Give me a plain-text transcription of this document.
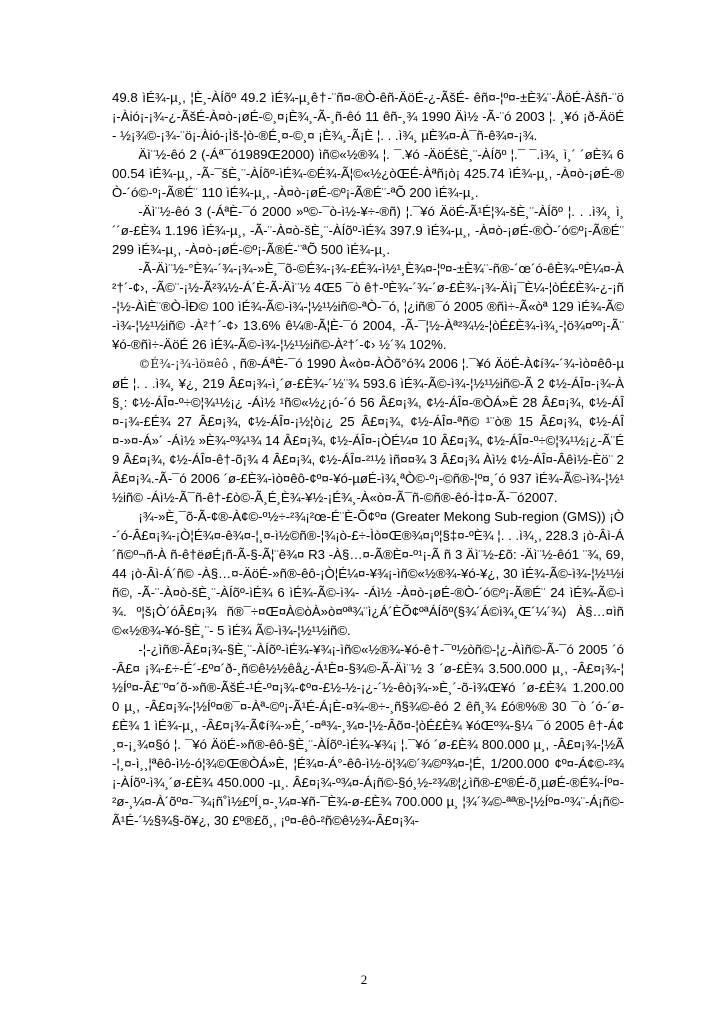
49.8 ìÉ¾-µ¸, ¦È¸-ÀÍõº 49.2 ìÉ¾-µ¸ê†-¨ñ¤-®Ò-êñ-ÄöÉ-¿-ÃšÉ- êñ¤-¦º¤-±È¾¨-ÅöÉ-Àšñ-¨ö¡-Àió¡-¡¾-¿-ÃšÉ-À¤ò-¡øÉ-©¸¤¡È¾¸-Ã-¸ñ-êó 11 êñ-¸¾ 1990 Äì½ -Ã-¨ó 2003 ¦. ¸¥ó ¡ð-ÄöÉ- ½¡¾©-¡¾-¨ö¡-Àió-¡Ìš-¦ò-®É¸¤-©¸¤ ¡È¾¸-Ã¡È ¦. . .ì¾¸ µÈ¾¤-À¯ñ-ê¾¤-¡¾.

Äì¨½-êó 2 (-Áª¯ó1989Œ2000) ìñ©«½®¾ ¦. ¯.¥ó -ÄöÉšÈ¸¨-ÀÍõº ¦.¯ ¯.ì¾¸ ì¸´ ´øÈ¾ 600.54 ìÉ¾-µ¸, -Ã-¯šÈ¸¨-ÀÍõº-ìÉ¾-©É¾-Ã¦©«½¿òŒÉ-Àªñ¡ò¡ 425.74 ìÉ¾-µ¸, -À¤ò-¡øÉ-®Ò-´ó©-º¡-Ã®É¨ 110 ìÉ¾-µ¸, -À¤ò-¡øÉ-©º¡-Ã®É¨-ªÕ 200 ìÉ¾-µ¸.

-Äì¨½-êó 3 (-ÁªÈ-¯ó 2000 »º©-¯ò-ì½-¥÷-®ñ) ¦.¯¥ó ÄöÉ-Ã¹É¦¾-šÈ¸¨-ÀÍõº ¦. . .ì¾¸ ì¸´´ø-£È¾ 1.196 ìÉ¾-µ¸, -Ã-¨-À¤ò-šÈ¸¨-ÀÍõº-ìÉ¾ 397.9 ìÉ¾-µ¸, -À¤ò-¡øÉ-®Ò-´ó©º¡-Ã®É¨ 299 ìÉ¾-µ¸, -À¤ò-¡øÉ-©º¡-Ã®É-¨ªÕ 500 ìÉ¾-µ¸.

-Ã-Äì¨½-°È¾-´¾-¡¾-»È¸¯õ-©É¾-¡¾-£É¾-ì½¹¸È¾¤-¦º¤-±È¾¨-ñ®-´œ´ó-êÈ¾-ºÈ¼¤-À²†´-¢›, -Ã©¨-¡½-Ã²¾½-Á´È-Ã-Äì¨½ 4Œ5 ¯ò ê†-ºÈ¾-´¾-´ø-£È¾-¡¾-Äì¡¯È¼-¦òÉ£È¾-¿-¡ñ-¦½-ÀìÈ¨®Ò-ÌÐ© 100 ìÉ¾-Ã©-ì¾-¦½¹½iñ©-ªÒ-¯ó, ¦¿iñ®¯ó 2005 ®ñì÷-Ã«òª 129 ìÉ¾-Ã©-ì¾-¦½¹½iñ© -À²†´-¢› 13.6% ê¼®-Ã¦È-¯ó 2004, -Ã-¯¦½-Àª²¾½-¦òÉ£È¾-ì¾¸-¦ö¾¤ºº¡-Ã¨¥ó-®ñì÷-ÄöÉ 26 ìÉ¾-Ã©-ì¾-¦½¹½iñ©-À²†´-¢› ½´¾ 102%.

©É¾-¡¾-ìö¤êô , ñ®-ÁªÈ-¯ó 1990 À«ò¤-ÀÒõ°ó¾ 2006 ¦.¯¥ó ÄöÉ-À¢í¾-´¾-ìò¤êô-µøÉ ¦. . .ì¾¸ ¥¿¸ 219 Â£¤¡¾-ì¸´ø-£È¾-´½¨¾ 593.6 ìÉ¾-Ã©-ì¾-¦½¹½iñ©-Ã 2 ¢½-ÁÎ¤-¡¾-À§¸: ¢½-ÁÎ¤-º÷©¦¾¹½¡¿ -Áì½ ¹ñ©«½¿¡ó-´ó 56 Â£¤¡¾, ¢½-ÁÎ¤-®ÒÁ»È 28 Â£¤¡¾, ¢½-ÁÎ¤-¡¾-£É¾ 27 Â£¤¡¾, ¢½-ÁÎ¤-¡½¦ò¡¿ 25 Â£¤¡¾, ¢½-ÁÎ¤-ªñ© ¹¨ò® 15 Â£¤¡¾, ¢½-ÁÎ¤-»¤-Á»´ -Áì½ »È¾-º¾¹¾ 14 Â£¤¡¾, ¢½-ÁÎ¤-¡ÒÉ¼¤ 10 Â£¤¡¾, ¢½-ÁÎ¤-º÷©¦¾¹½¡¿-Ã¨É 9 Â£¤¡¾, ¢½-ÁÎ¤-ê†-õ¡¾ 4 Â£¤¡¾, ¢½-ÁÎ¤-²¹½ ìñ¤¤¾ 3 Â£¤¡¾ Àì½ ¢½-ÁÎ¤-Âêì½-Èö¨ 2 Â£¤¡¾.-Ã-¯ó 2006 ´ø-£È¾-ìò¤êô-¢º¤-¥ó-µøÉ-ì¾¸ªÒ©-º¡-©ñ®-¦º¤¸´ó 937 ìÉ¾-Ã©-ì¾-¦½¹½iñ© -Áì½-Ã¯ñ-ê†-£ò©-Ã¸É¸È¾-¥½-¡É¾¸-À«ò¤-Ã¯ñ-©ñ®-êó-Ì‡¤-Ã-¯ó2007.

¡¾-»È¸¯õ-Ã-¢®-À¢©-º½÷-²¾¡²œ-É¨È-Õ¢º¤ (Greater Mekong Sub-region (GMS)) ¡Ò-´ó-Â£¤¡¾-¡Ò¦É¾¤-ê¾¤-¦¸¤-ì½©ñ®-¦¾¡ò-£÷-Ìò¤Œ®¾¤¡º¦§‡¤-ºÈ¾ ¦. . .ì¾¸, 228.3 ¡ò-Âì-Á´ñ©º¬ñ-À ñ-ê†ëøÉ¡ñ-Ã-§-Ã¦¨ê¾¤ R3 -À§…¤-Ã®È¤-º¹¡-Ã ñ 3 Äì¨½-£õ: -Äì¨½-êó1 ¨¾, 69,44 ¡ò-Âì-Á´ñ© -À§…¤-ÄöÉ-»ñ®-êô-¡Ò¦É¼¤-¥¾¡-ìñ©«½®¾-¥ó-¥¿, 30 ìÉ¾-Ã©-ì¾-¦½¹½iñ©, -Ã-¨-À¤ò-šÈ¸¨-ÀÍõº-ìÉ¾ 6 ìÉ¾-Ã©-ì¾- -Áì½ -À¤ò-¡øÉ-®Ò-´ó©º¡-Ã®É¨ 24 ìÉ¾-Ã©-ì¾. º¦š¡Ò´óÂ£¤¡¾ ñ®¯÷¤Œ¤À©òÀ»ò¤ºª¾¨ì¿Á´ÈÕ¢ºªÁÍõº(§¾´Á©ì¾¸Œ´¼´¾) À§…¤ìñ©«½®¾-¥ó-§È¸¨- 5 ìÉ¾ Ã©-ì¾-¦½¹½iñ©.

-¦-¿ìñ®-Â£¤¡¾-§È¸¨-ÀÍõº-ìÉ¾-¥¾¡-ìñ©«½®¾-¥ó-ê†-¯º½òñ©-¦¿-Àìñ©-Ã-¯ó 2005 ´ó-Â£¤ ¡¾-£÷-É´-£º¤´ð-¸ñ©ê½½êå¿-Á¹È¤-§¾©-Ã-Äì¨½ 3 ´ø-£È¾ 3.500.000 µ¸, -Â£¤¡¾-¦½Íº¤-Â£¨º¤´õ-»ñ®-ÃšÉ-¹É-º¤¡¾-¢º¤-£½-½-¡¿-´½-êò¡¾-»È¸´-õ-ì¾Œ¥ó ´ø-£È¾ 1.200.000 µ¸, -Â£¤¡¾-¦½Íº¤®¯¤-Àª-©º¡-Ã¹É-Á¡È-¤¾-®÷-¸ñ§¾©-êó 2 êñ¸¾ £ó®%® 30 ¯ò ´ó-´ø-£È¾ 1 ìÉ¾-µ¸, -Â£¤¡¾-Ã¢í¾-»È¸´-¤ª¾-¸¾¤-¦½-Âõ¤-¦òÉ£È¾ ¥óŒº¾-§¼ ¯ó 2005 ê†-Á¢¸¤-¡¸¾¤§ó ¦. ¯¥ó ÄöÉ-»ñ®-êô-§È¸¨-ÀÍõº-ìÉ¾-¥¾¡ ¦.¯¥ó ´ø-£È¾ 800.000 µ¸, -Â£¤¡¾-¦½Ã-¦¸¤-ì¸¸¦ªêô-ì½-ó¦¾©Œ®ÒÁ»È, ¦É¾¤-Á°-êô-ì½-ö¦¾©´¾©º¾¤-¦É, 1/200.000 ¢º¤-Á¢©-²¾¡-ÀÍõº-ì¾¸´ø-£È¾ 450.000 -µ¸. Â£¤¡¾-º¾¤-Á¡ñ©-§ó¸½-²¾®¦¿ìñ®-£º®É-õ¸µøÉ-®É¾-Íº¤-²ø-¸¼¤-À´õº¤-¯¾¡ñ˚ì½£ºÍ¸¤-¸¼¤-¥ñ-¯È¾-ø-£È¾ 700.000 µ¸ ¦¾´¾©-ªª®-¦½Íº¤-º¾¨-Á¡ñ©-Ã¹É-´½§¾§-õ¥¿, 30 £º®£õ¸, ¡º¤-êô-²ñ©ê½¾-Â£¤¡¾-

2
